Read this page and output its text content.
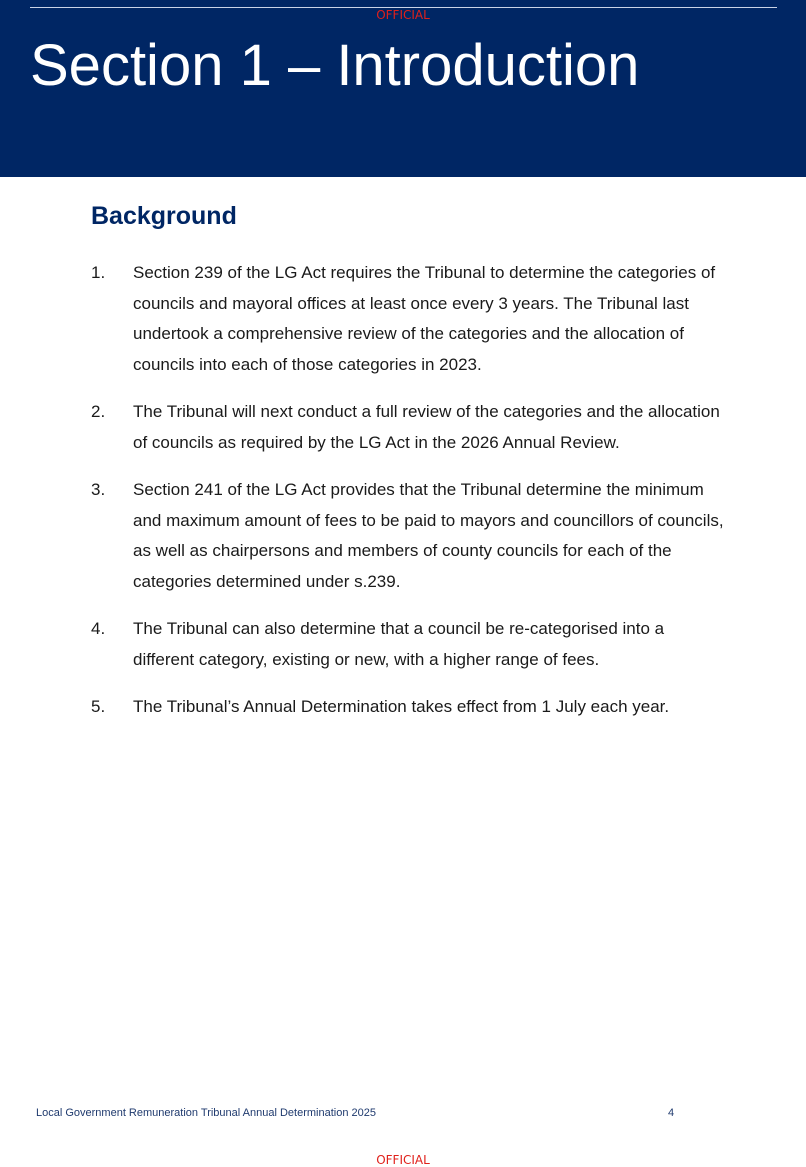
OFFICIAL
Section 1 – Introduction
Background
1.	Section 239 of the LG Act requires the Tribunal to determine the categories of councils and mayoral offices at least once every 3 years. The Tribunal last undertook a comprehensive review of the categories and the allocation of councils into each of those categories in 2023.
2.	The Tribunal will next conduct a full review of the categories and the allocation of councils as required by the LG Act in the 2026 Annual Review.
3.	Section 241 of the LG Act provides that the Tribunal determine the minimum and maximum amount of fees to be paid to mayors and councillors of councils, as well as chairpersons and members of county councils for each of the categories determined under s.239.
4.	The Tribunal can also determine that a council be re-categorised into a different category, existing or new, with a higher range of fees.
5.	The Tribunal’s Annual Determination takes effect from 1 July each year.
Local Government Remuneration Tribunal Annual Determination 2025	4
OFFICIAL
